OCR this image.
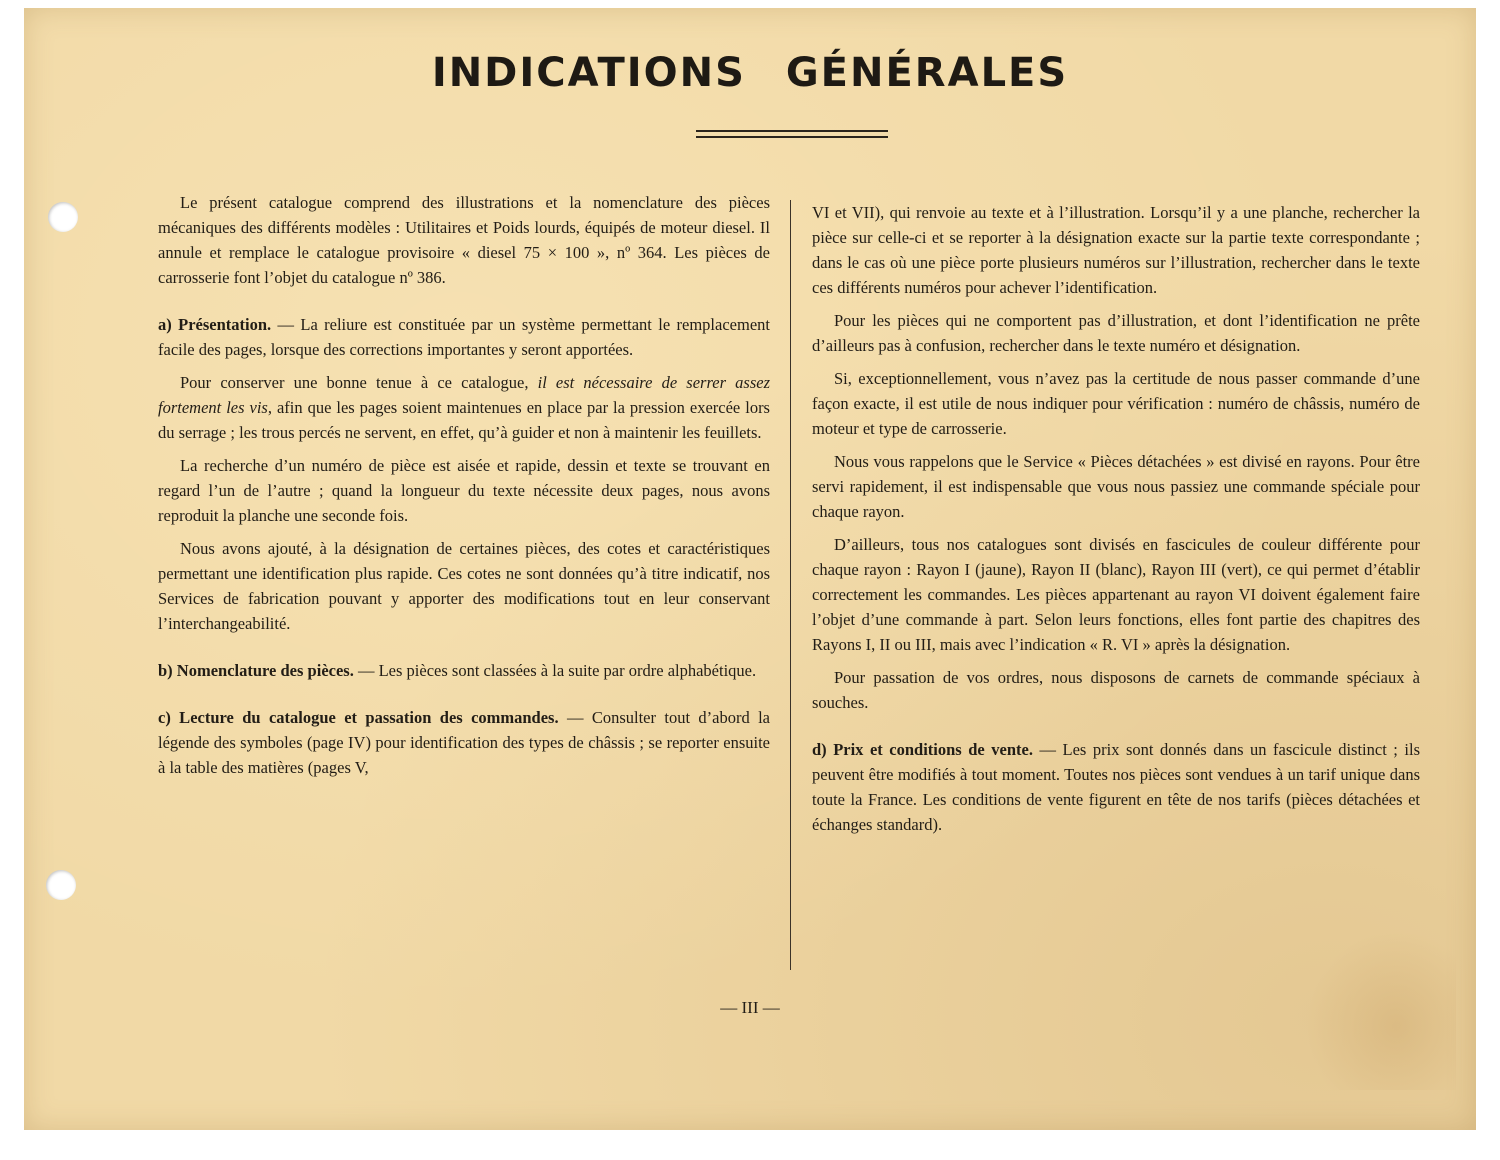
INDICATIONS GÉNÉRALES

Le présent catalogue comprend des illustrations et la nomenclature des pièces mécaniques des différents modèles : Utilitaires et Poids lourds, équipés de moteur diesel. Il annule et remplace le catalogue provisoire « diesel 75 × 100 », nº 364. Les pièces de carrosserie font l’objet du catalogue nº 386.

a) Présentation. — La reliure est constituée par un système permettant le remplacement facile des pages, lorsque des corrections importantes y seront apportées.

Pour conserver une bonne tenue à ce catalogue, il est nécessaire de serrer assez fortement les vis, afin que les pages soient maintenues en place par la pression exercée lors du serrage ; les trous percés ne servent, en effet, qu’à guider et non à maintenir les feuillets.

La recherche d’un numéro de pièce est aisée et rapide, dessin et texte se trouvant en regard l’un de l’autre ; quand la longueur du texte nécessite deux pages, nous avons reproduit la planche une seconde fois.

Nous avons ajouté, à la désignation de certaines pièces, des cotes et caractéristiques permettant une identification plus rapide. Ces cotes ne sont données qu’à titre indicatif, nos Services de fabrication pouvant y apporter des modifications tout en leur conservant l’interchangeabilité.

b) Nomenclature des pièces. — Les pièces sont classées à la suite par ordre alphabétique.

c) Lecture du catalogue et passation des commandes. — Consulter tout d’abord la légende des symboles (page IV) pour identification des types de châssis ; se reporter ensuite à la table des matières (pages V,

VI et VII), qui renvoie au texte et à l’illustration. Lorsqu’il y a une planche, rechercher la pièce sur celle-ci et se reporter à la désignation exacte sur la partie texte correspondante ; dans le cas où une pièce porte plusieurs numéros sur l’illustration, rechercher dans le texte ces différents numéros pour achever l’identification.

Pour les pièces qui ne comportent pas d’illustration, et dont l’identification ne prête d’ailleurs pas à confusion, rechercher dans le texte numéro et désignation.

Si, exceptionnellement, vous n’avez pas la certitude de nous passer commande d’une façon exacte, il est utile de nous indiquer pour vérification : numéro de châssis, numéro de moteur et type de carrosserie.

Nous vous rappelons que le Service « Pièces détachées » est divisé en rayons. Pour être servi rapidement, il est indispensable que vous nous passiez une commande spéciale pour chaque rayon.

D’ailleurs, tous nos catalogues sont divisés en fascicules de couleur différente pour chaque rayon : Rayon I (jaune), Rayon II (blanc), Rayon III (vert), ce qui permet d’établir correctement les commandes. Les pièces appartenant au rayon VI doivent également faire l’objet d’une commande à part. Selon leurs fonctions, elles font partie des chapitres des Rayons I, II ou III, mais avec l’indication « R. VI » après la désignation.

Pour passation de vos ordres, nous disposons de carnets de commande spéciaux à souches.

d) Prix et conditions de vente. — Les prix sont donnés dans un fascicule distinct ; ils peuvent être modifiés à tout moment. Toutes nos pièces sont vendues à un tarif unique dans toute la France. Les conditions de vente figurent en tête de nos tarifs (pièces détachées et échanges standard).

— III —
